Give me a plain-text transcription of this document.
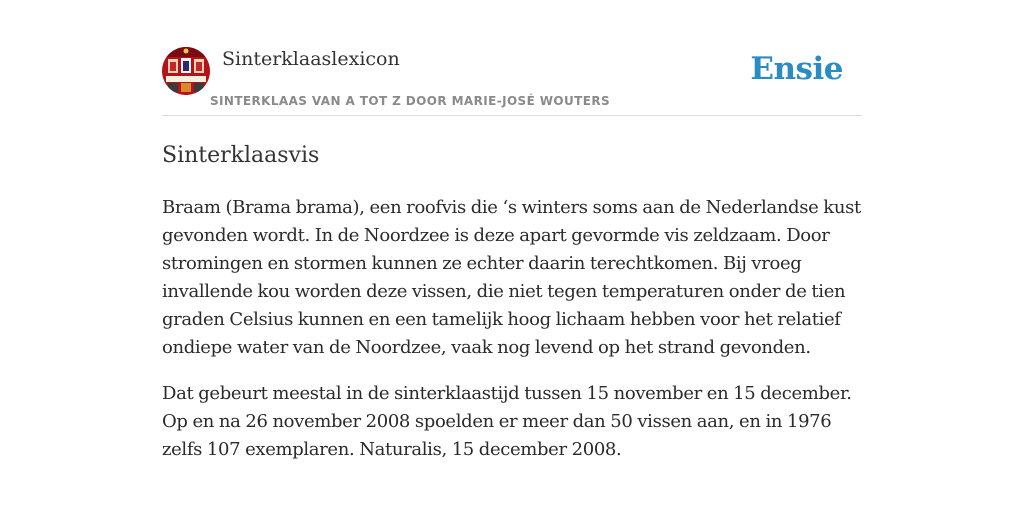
Sinterklaaslexicon
SINTERKLAAS VAN A TOT Z DOOR MARIE-JOSÉ WOUTERS
Ensie
Sinterklaasvis

Braam (Brama brama), een roofvis die ‘s winters soms aan de Nederlandse kust gevonden wordt. In de Noordzee is deze apart gevormde vis zeldzaam. Door stromingen en stormen kunnen ze echter daarin terechtkomen. Bij vroeg invallende kou worden deze vissen, die niet tegen temperaturen onder de tien graden Celsius kunnen en een tamelijk hoog lichaam hebben voor het relatief ondiepe water van de Noordzee, vaak nog levend op het strand gevonden.

Dat gebeurt meestal in de sinterklaastijd tussen 15 november en 15 december. Op en na 26 november 2008 spoelden er meer dan 50 vissen aan, en in 1976 zelfs 107 exemplaren. Naturalis, 15 december 2008.
